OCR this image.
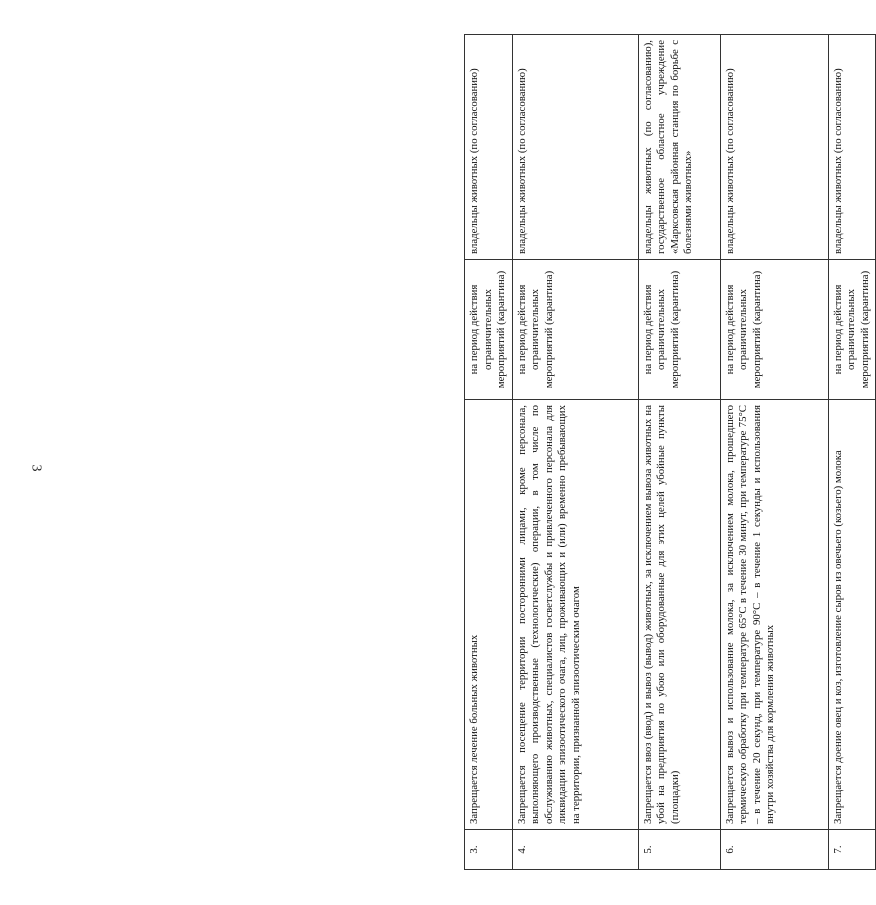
3
3.	Запрещается лечение больных животных	на период действия ограничительных мероприятий (карантина)	владельцы животных (по согласованию)
4.	Запрещается посещение территории посторонними лицами, кроме персонала, выполняющего производственные (технологические) операции, в том числе по обслуживанию животных, специалистов госветслужбы и привлеченного персонала для ликвидации эпизоотического очага, лиц, проживающих и (или) временно пребывающих на территории, признанной эпизоотическим очагом	на период действия ограничительных мероприятий (карантина)	владельцы животных (по согласованию)
5.	Запрещается ввоз (ввод) и вывоз (вывод) животных, за исключением вывоза животных на убой на предприятия по убою или оборудованные для этих целей убойные пункты (площадки)	на период действия ограничительных мероприятий (карантина)	владельцы животных (по согласованию), государственное областное учреждение «Марксовская районная станция по борьбе с болезнями животных»
6.	Запрещается вывоз и использование молока, за исключением молока, прошедшего термическую обработку при температуре 65°С в течение 30 минут, при температуре 75°С – в течение 20 секунд, при температуре 90°С – в течение 1 секунды и использования внутри хозяйства для кормления животных	на период действия ограничительных мероприятий (карантина)	владельцы животных (по согласованию)
7.	Запрещается доение овец и коз, изготовление сыров из овечьего (козьего) молока	на период действия ограничительных мероприятий (карантина)	владельцы животных (по согласованию)
